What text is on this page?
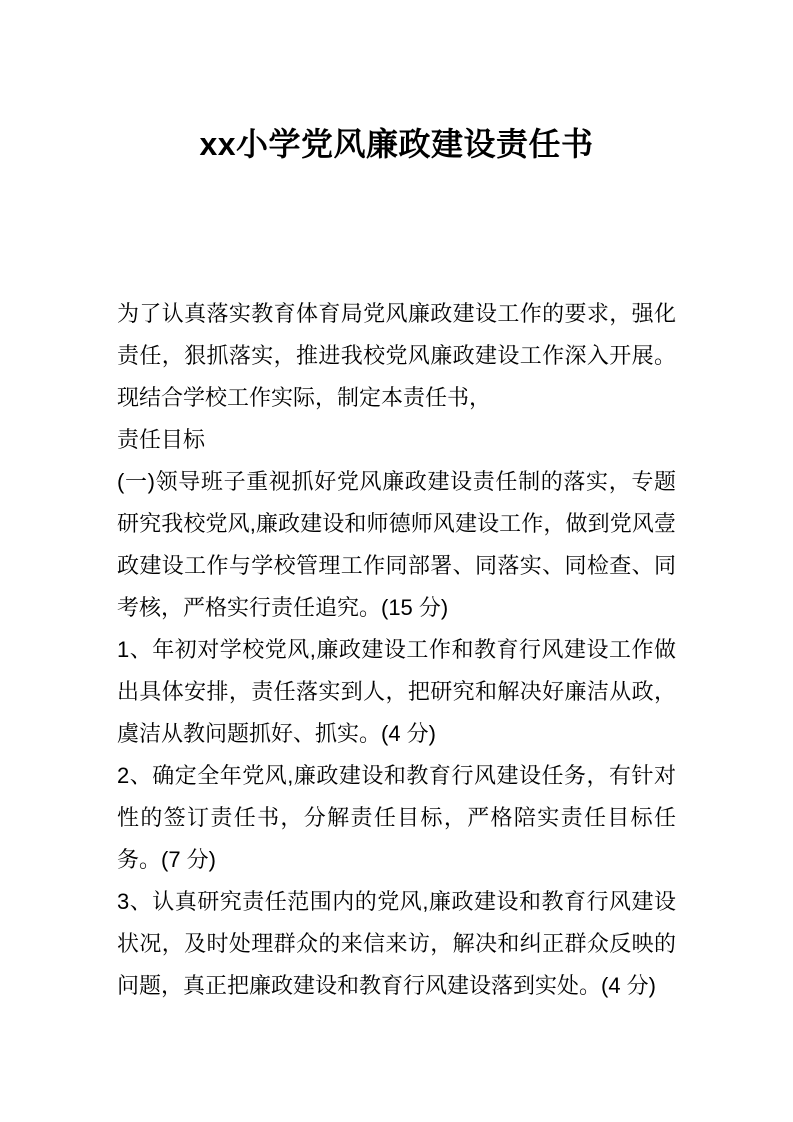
xx小学党风廉政建设责任书

为了认真落实教育体育局党风廉政建设工作的要求，强化责任，狠抓落实，推进我校党风廉政建设工作深入开展。现结合学校工作实际，制定本责任书，

责任目标

(一)领导班子重视抓好党风廉政建设责任制的落实，专题研究我校党风,廉政建设和师德师风建设工作，做到党风壹政建设工作与学校管理工作同部署、同落实、同检查、同考核，严格实行责任追究。(15 分)

1、年初对学校党风,廉政建设工作和教育行风建设工作做出具体安排，责任落实到人，把研究和解决好廉洁从政，虞洁从教问题抓好、抓实。(4 分)

2、确定全年党风,廉政建设和教育行风建设任务，有针对性的签订责任书，分解责任目标，严格陪实责任目标任务。(7 分)

3、认真研究责任范围内的党风,廉政建设和教育行风建设状况，及时处理群众的来信来访，解决和纠正群众反映的问题，真正把廉政建设和教育行风建设落到实处。(4 分)
